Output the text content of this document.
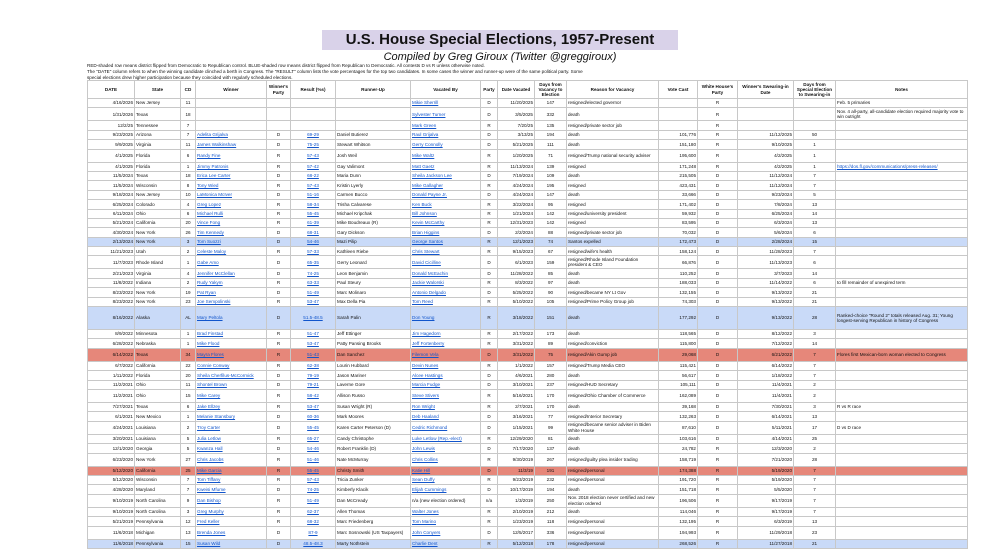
U.S. House Special Elections, 1957-Present
Compiled by Greg Giroux (Twitter @greggiroux)
RED-shaded row means district flipped from Democratic to Republican control. BLUE-shaded row means district flipped from Republican to Democratic. All contests D vs R unless otherwise noted.
The "DATE" column refers to when the winning candidate clinched a berth in Congress. The "RESULT" column lists the vote percentages for the top two candidates. In some cases the winner and runner-up were of the same political party. Some
special elections drew higher participation because they coincided with regularly scheduled elections.
DATE	State	CD	Winner	Winner's Party	Result (%s)	Runner-Up	Vacated By	Party	Date Vacated	Days from Vacancy to Election	Reason for Vacancy	Vote Cast	White House's Party	Winner's Swearing-in Date	Days from Special Election to Swearing-in	Notes
4/16/2026	New Jersey	11					Mikie Sherrill	D	11/20/2025	147	resigned/elected governor		R			Feb. 5 primaries
1/31/2026	Texas	18					Sylvester Turner	D	3/5/2025	332	death		R			Nov. 4 all-party, all-candidate election required majority vote to win outright
12/2/25	Tennessee	7					Mark Green	R	7/20/25	135	resigned/private sector job		R			
9/23/2025	Arizona	7	Adelita Grijalva	D	69-29	Daniel Butierez	Raul Grijalva	D	3/13/25	194	death	101,776	R	11/12/2025	50	
9/9/2025	Virginia	11	James Walkinshaw	D	75-25	Stewart Whitson	Gerry Connolly	D	5/21/2025	111	death	151,180	R	9/10/2025	1	
4/1/2025	Florida	6	Randy Fine	R	57-43	Josh Weil	Mike Waltz	R	1/20/2025	71	resigned/Trump national security adviser	195,600	R	4/2/2025	1	
4/1/2025	Florida	1	Jimmy Patronis	R	57-42	Gay Valimont	Matt Gaetz	R	11/13/2024	139	resigned	171,248	R	4/2/2025	1	https://dos.fl.gov/communications/press-releases/
11/5/2024	Texas	18	Erica Lee Carter	D	68-22	Maria Dunn	Sheila Jackson Lee	D	7/19/2024	109	death	215,505	D	11/12/2024	7	
11/5/2024	Wisconsin	8	Tony Wied	R	57-43	Kristin Lyerly	Mike Gallagher	R	4/24/2024	195	resigned	423,431	D	11/12/2024	7	
9/18/2024	New Jersey	10	LaMonica McIver	D	51-16	Carmen Bucco	Donald Payne Jr.	D	4/24/2024	147	death	33,666	D	9/23/2024	5	
6/25/2024	Colorado	4	Greg Lopez	R	58-34	Trisha Calvarese	Ken Buck	R	3/22/2024	95	resigned	171,402	D	7/8/2024	13	
6/11/2024	Ohio	6	Michael Rulli	R	55-45	Michael Kripchak	Bill Johnson	R	1/21/2024	142	resigned/university president	59,932	D	6/25/2024	14	
5/21/2024	California	20	Vince Fong	R	61-39	Mike Boudreaux (R)	Kevin McCarthy	R	12/31/2023	142	resigned	83,595	D	6/3/2024	13	
4/30/2024	New York	26	Tim Kennedy	D	68-31	Gary Dickson	Brian Higgins	D	2/2/2024	88	resigned/private sector job	70,032	D	5/6/2024	6	
2/13/2024	New York	3	Tom Suozzi	D	54-46	Mazi Pilip	George Santos	R	12/1/2023	74	Santos expelled	172,473	D	2/28/2024	15	
11/21/2023	Utah	2	Celeste Maloy	R	57-33	Kathleen Riebe	Chris Stewart	R	9/15/2023	67	resigned/wife's health	158,124	D	11/28/2023	7	
11/7/2023	Rhode Island	1	Gabe Amo	D	65-35	Gerry Leonard	David Cicilline	D	6/1/2023	159	resigned/Rhode Island Foundation president & CEO	66,876	D	11/13/2023	6	
2/21/2023	Virginia	4	Jennifer McClellan	D	74-25	Leon Benjamin	Donald McEachin	D	11/28/2022	85	death	110,252	D	3/7/2023	14	
11/8/2022	Indiana	2	Rudy Yakym	R	63-33	Paul Steury	Jackie Walorski	R	8/3/2022	97	death	188,033	D	11/14/2022	6	to fill remainder of unexpired term
8/23/2022	New York	19	Pat Ryan	D	51-49	Marc Molinaro	Antonio Delgado	D	5/25/2022	90	resigned/became NY Lt Gov	132,155	D	9/13/2022	21	
8/23/2022	New York	23	Joe Sempolinski	R	53-47	Max Della Pia	Tom Reed	R	5/10/2022	105	resigned/Prime Policy Group job	74,303	D	9/13/2022	21	
8/16/2022	Alaska	AL	Mary Peltola	D	51.5-48.5	Sarah Palin	Don Young	R	3/18/2022	151	death	177,292	D	9/13/2022	28	Ranked-choice "Round 2" totals released Aug. 31; Young longest-serving Republican in history of Congress
8/9/2022	Minnesota	1	Brad Finstad	R	51-47	Jeff Ettinger	Jim Hagedorn	R	2/17/2022	173	death	118,565	D	8/12/2022	3	
6/28/2022	Nebraska	1	Mike Flood	R	53-47	Patty Pansing Brooks	Jeff Fortenberry	R	3/31/2022	89	resigned/conviction	115,800	D	7/12/2022	14	
6/14/2022	Texas	34	Mayra Flores	R	51-43	Dan Sanchez	Filemon Vela	D	3/31/2022	75	resigned/Akin Gump job	29,068	D	6/21/2022	7	Flores first Mexican-born woman elected to Congress
6/7/2022	California	22	Connie Conway	R	62-38	Lourin Hubbard	Devin Nunes	R	1/1/2022	157	resigned/Trump Media CEO	115,421	D	6/14/2022	7	
1/11/2022	Florida	20	Sheila Cherfilus-McCormick	D	79-19	Jason Mariner	Alcee Hastings	D	4/6/2021	280	death	56,617	D	1/18/2022	7	
11/2/2021	Ohio	11	Shontel Brown	D	79-21	Laverne Gore	Marcia Fudge	D	3/10/2021	237	resigned/HUD Secretary	105,111	D	11/4/2021	2	
11/2/2021	Ohio	15	Mike Carey	R	58-42	Allison Russo	Steve Stivers	R	5/16/2021	170	resigned/Ohio Chamber of Commerce	162,089	D	11/4/2021	2	
7/27/2021	Texas	6	Jake Ellzey	R	53-47	Susan Wright (R)	Ron Wright	R	2/7/2021	170	death	39,168	D	7/30/2021	3	R vs R race
6/1/2021	New Mexico	1	Melanie Stansbury	D	60-36	Mark Moores	Deb Haaland	D	3/16/2021	77	resigned/Interior Secretary	132,263	D	6/14/2021	13	
4/24/2021	Louisiana	2	Troy Carter	D	55-45	Karen Carter Peterson (D)	Cedric Richmond	D	1/15/2021	99	resigned/became senior adviser in Biden White House	87,610	D	5/11/2021	17	D vs D race
3/20/2021	Louisiana	5	Julia Letlow	R	65-27	Candy Christophe	Luke Letlow (Rep.-elect)	R	12/29/2020	81	death	103,616	D	4/14/2021	25	
12/1/2020	Georgia	5	Kwanza Hall	D	54-46	Robert Franklin (D)	John Lewis	D	7/17/2020	137	death	24,782	R	12/3/2020	2	
6/23/2020	New York	27	Chris Jacobs	R	51-46	Nate McMurray	Chris Collins	R	9/30/2019	267	resigned/guilty plea insider trading	158,719	R	7/21/2020	28	
5/12/2020	California	25	Mike Garcia	R	55-45	Christy Smith	Katie Hill	D	11/3/19	191	resigned/personal	174,388	R	5/19/2020	7	
5/12/2020	Wisconsin	7	Tom Tiffany	R	57-43	Tricia Zunker	Sean Duffy	R	9/23/2019	232	resigned/personal	191,720	R	5/19/2020	7	
4/28/2020	Maryland	7	Kweisi Mfume	D	74-25	Kimberly Klacik	Elijah Cummings	D	10/17/2019	194	death	151,718	R	5/5/2020	7	
9/10/2019	North Carolina	9	Dan Bishop	R	51-49	Dan McCready	n/a (new election ordered)	n/a	1/3/2019	250	Nov. 2018 election never certified and new election ordered	196,506	R	9/17/2019	7	
9/10/2019	North Carolina	3	Greg Murphy	R	62-37	Allen Thomas	Walter Jones	R	2/10/2019	212	death	114,046	R	9/17/2019	7	
5/21/2019	Pennsylvania	12	Fred Keller	R	68-32	Marc Friedenberg	Tom Marino	R	1/23/2019	118	resigned/personal	132,195	R	6/3/2019	13	
11/6/2018	Michigan	13	Brenda Jones	D	87-9	Marc Sosnowski (US Taxpayers)	John Conyers	D	12/5/2017	336	resigned/personal	194,993	R	11/29/2018	23	
11/6/2018	Pennsylvania	15	Susan Wild	D	48.5-48.3	Marty Nothstein	Charlie Dent	R	5/12/2018	178	resigned/personal	268,526	R	11/27/2018	21	
